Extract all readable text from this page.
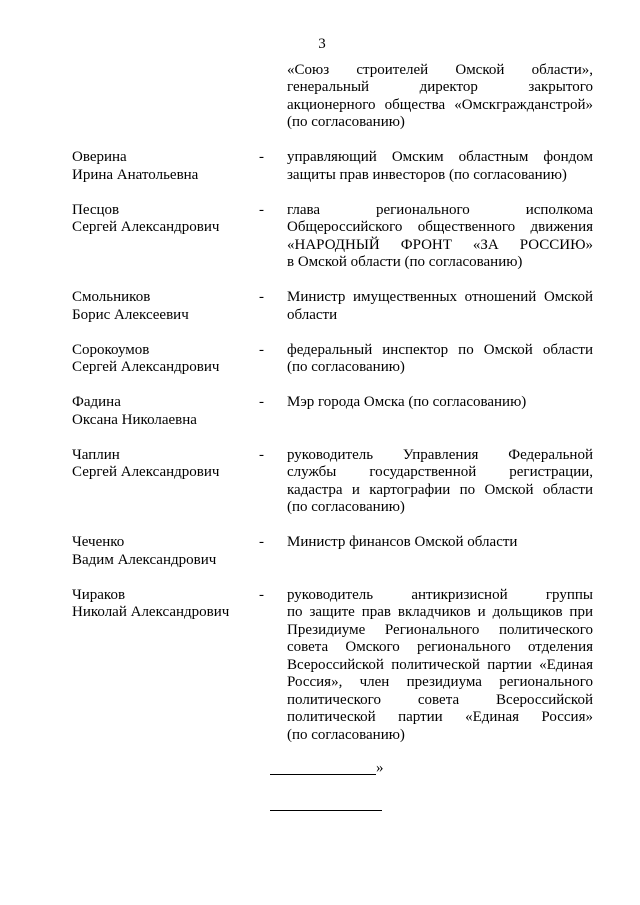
3
«Союз строителей Омской области»,
генеральный директор закрытого
акционерного общества «Омскгражданстрой»
(по согласованию)
Оверина
Ирина Анатольевна
-	управляющий Омским областным фондом
защиты прав инвесторов (по согласованию)
Песцов
Сергей Александрович
-	глава регионального исполкома
Общероссийского общественного движения
«НАРОДНЫЙ ФРОНТ «ЗА РОССИЮ»
в Омской области (по согласованию)
Смольников
Борис Алексеевич
-	Министр имущественных отношений Омской
области
Сорокоумов
Сергей Александрович
-	федеральный инспектор по Омской области
(по согласованию)
Фадина
Оксана Николаевна
-	Мэр города Омска (по согласованию)
Чаплин
Сергей Александрович
-	руководитель Управления Федеральной
службы государственной регистрации,
кадастра и картографии по Омской области
(по согласованию)
Чеченко
Вадим Александрович
-	Министр финансов Омской области
Чираков
Николай Александрович
-	руководитель антикризисной группы
по защите прав вкладчиков и дольщиков при
Президиуме Регионального политического
совета Омского регионального отделения
Всероссийской политической партии «Единая
Россия», член президиума регионального
политического совета Всероссийской
политической партии «Единая Россия»
(по согласованию)
»
